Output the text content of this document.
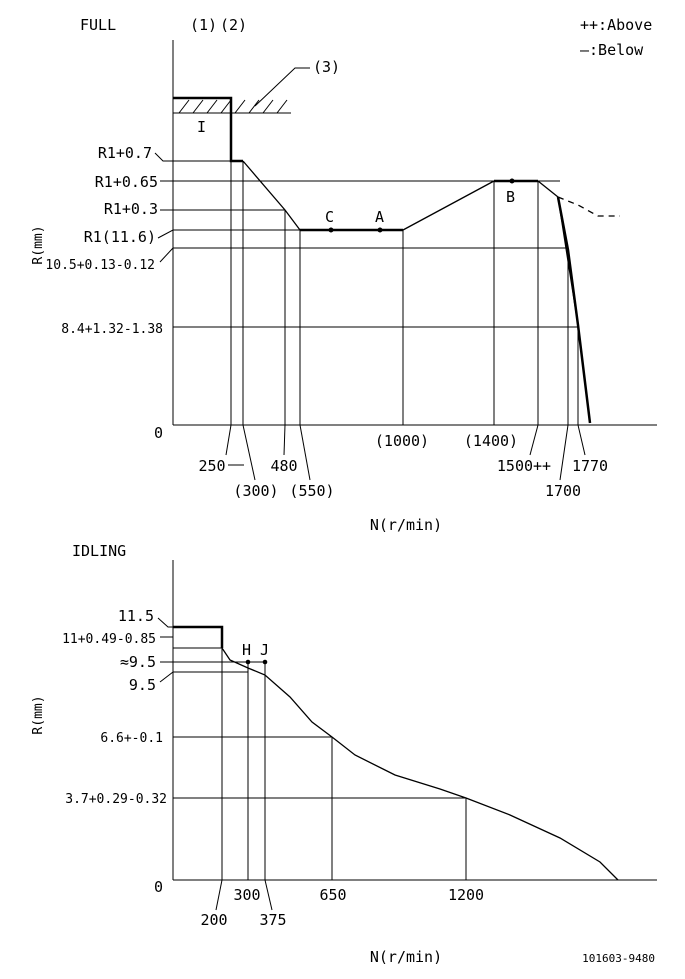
FULL	(1) (2)	++:Above
—:Below
(3)
I
C	A
B
R1+0.7
R1+0.65
R1+0.3
R1(11.6)
10.5+0.13-0.12
8.4+1.32-1.38
0
R(mm)
250	480
(1000) (1400)
1770
(300) (550)
1500++
1700
N(r/min)
IDLING
H J
11.5
11+0.49-0.85
≈9.5
9.5
6.6+-0.1
3.7+0.29-0.32
0
R(mm)
300	650	1200
200 375
N(r/min)	101603-9480
